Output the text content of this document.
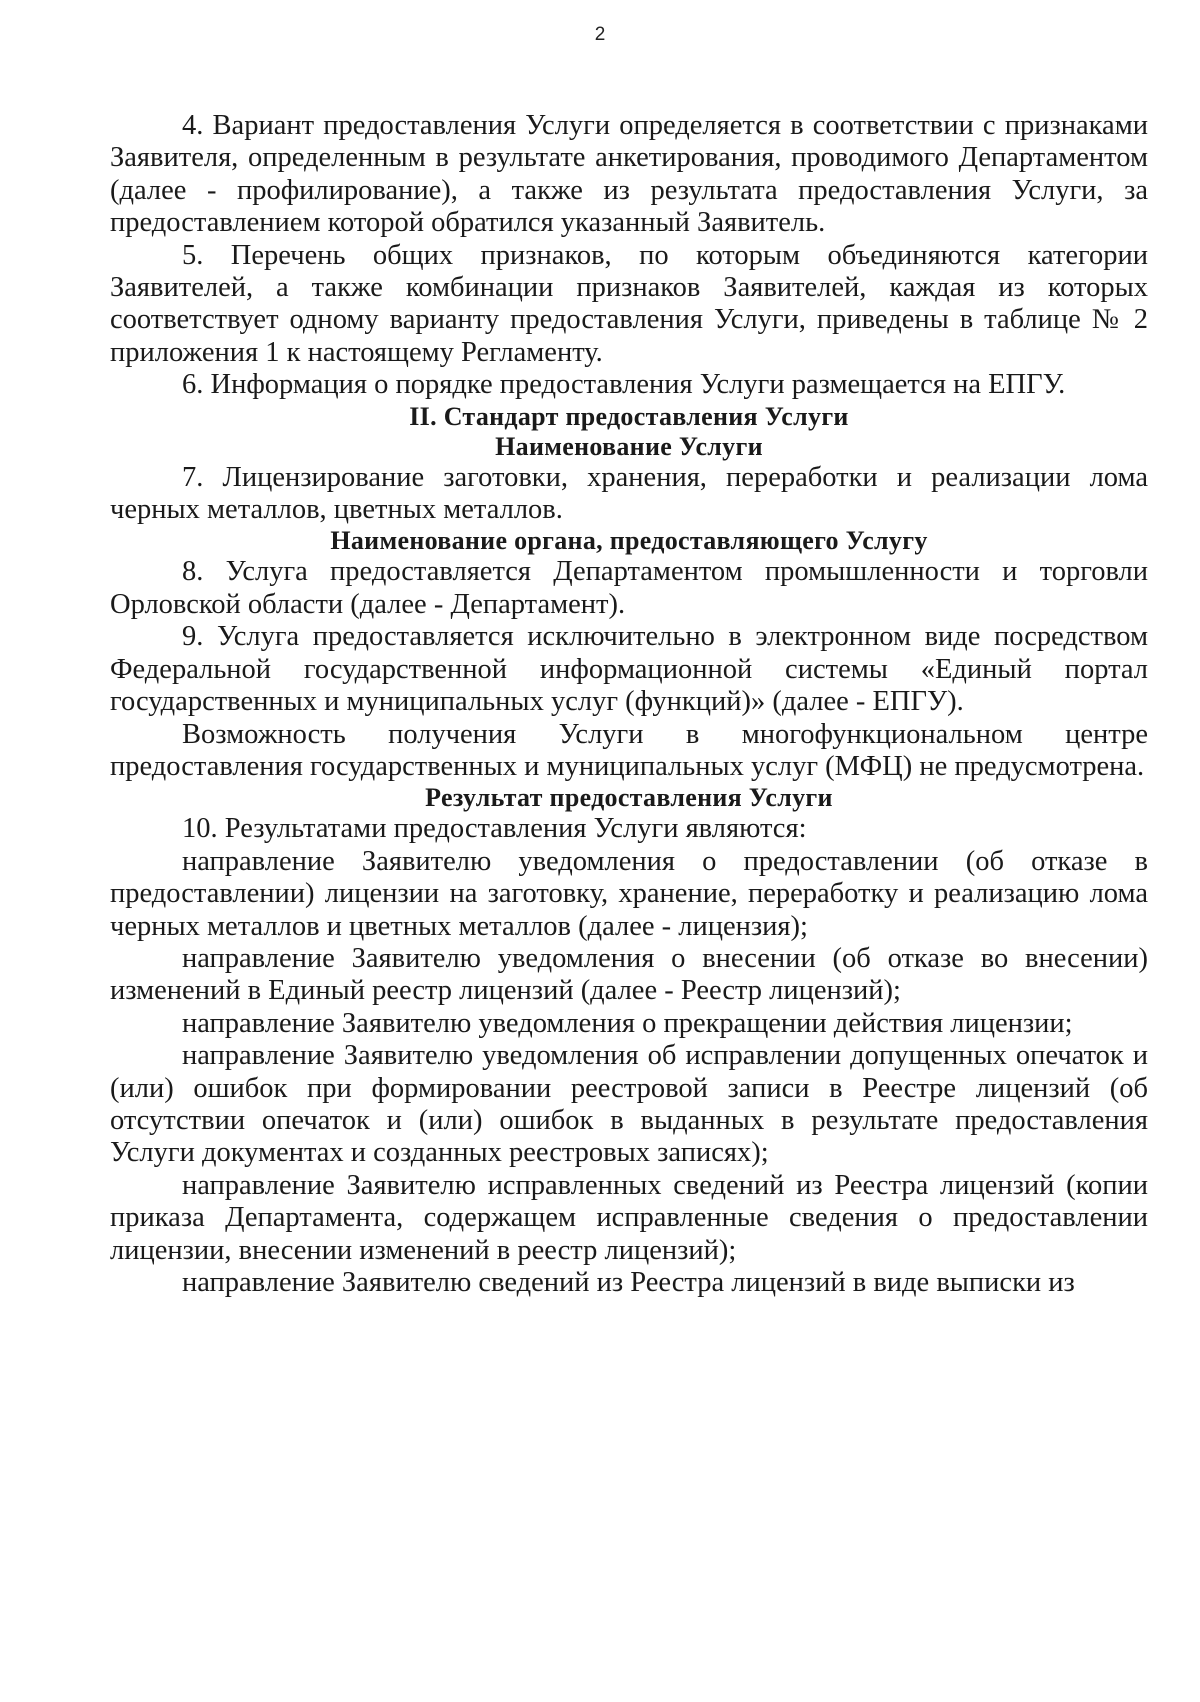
2

4. Вариант предоставления Услуги определяется в соответствии с признаками Заявителя, определенным в результате анкетирования, проводимого Департаментом (далее - профилирование), а также из результата предоставления Услуги, за предоставлением которой обратился указанный Заявитель.

5. Перечень общих признаков, по которым объединяются категории Заявителей, а также комбинации признаков Заявителей, каждая из которых соответствует одному варианту предоставления Услуги, приведены в таблице № 2 приложения 1 к настоящему Регламенту.

6. Информация о порядке предоставления Услуги размещается на ЕПГУ.

II. Стандарт предоставления Услуги
Наименование Услуги

7. Лицензирование заготовки, хранения, переработки и реализации лома черных металлов, цветных металлов.

Наименование органа, предоставляющего Услугу

8. Услуга предоставляется Департаментом промышленности и торговли Орловской области (далее - Департамент).

9. Услуга предоставляется исключительно в электронном виде посредством Федеральной государственной информационной системы «Единый портал государственных и муниципальных услуг (функций)» (далее - ЕПГУ).

Возможность получения Услуги в многофункциональном центре предоставления государственных и муниципальных услуг (МФЦ) не предусмотрена.

Результат предоставления Услуги

10. Результатами предоставления Услуги являются:

направление Заявителю уведомления о предоставлении (об отказе в предоставлении) лицензии на заготовку, хранение, переработку и реализацию лома черных металлов и цветных металлов (далее - лицензия);

направление Заявителю уведомления о внесении (об отказе во внесении) изменений в Единый реестр лицензий (далее - Реестр лицензий);

направление Заявителю уведомления о прекращении действия лицензии;

направление Заявителю уведомления об исправлении допущенных опечаток и (или) ошибок при формировании реестровой записи в Реестре лицензий (об отсутствии опечаток и (или) ошибок в выданных в результате предоставления Услуги документах и созданных реестровых записях);

направление Заявителю исправленных сведений из Реестра лицензий (копии приказа Департамента, содержащем исправленные сведения о предоставлении лицензии, внесении изменений в реестр лицензий);

направление Заявителю сведений из Реестра лицензий в виде выписки из
